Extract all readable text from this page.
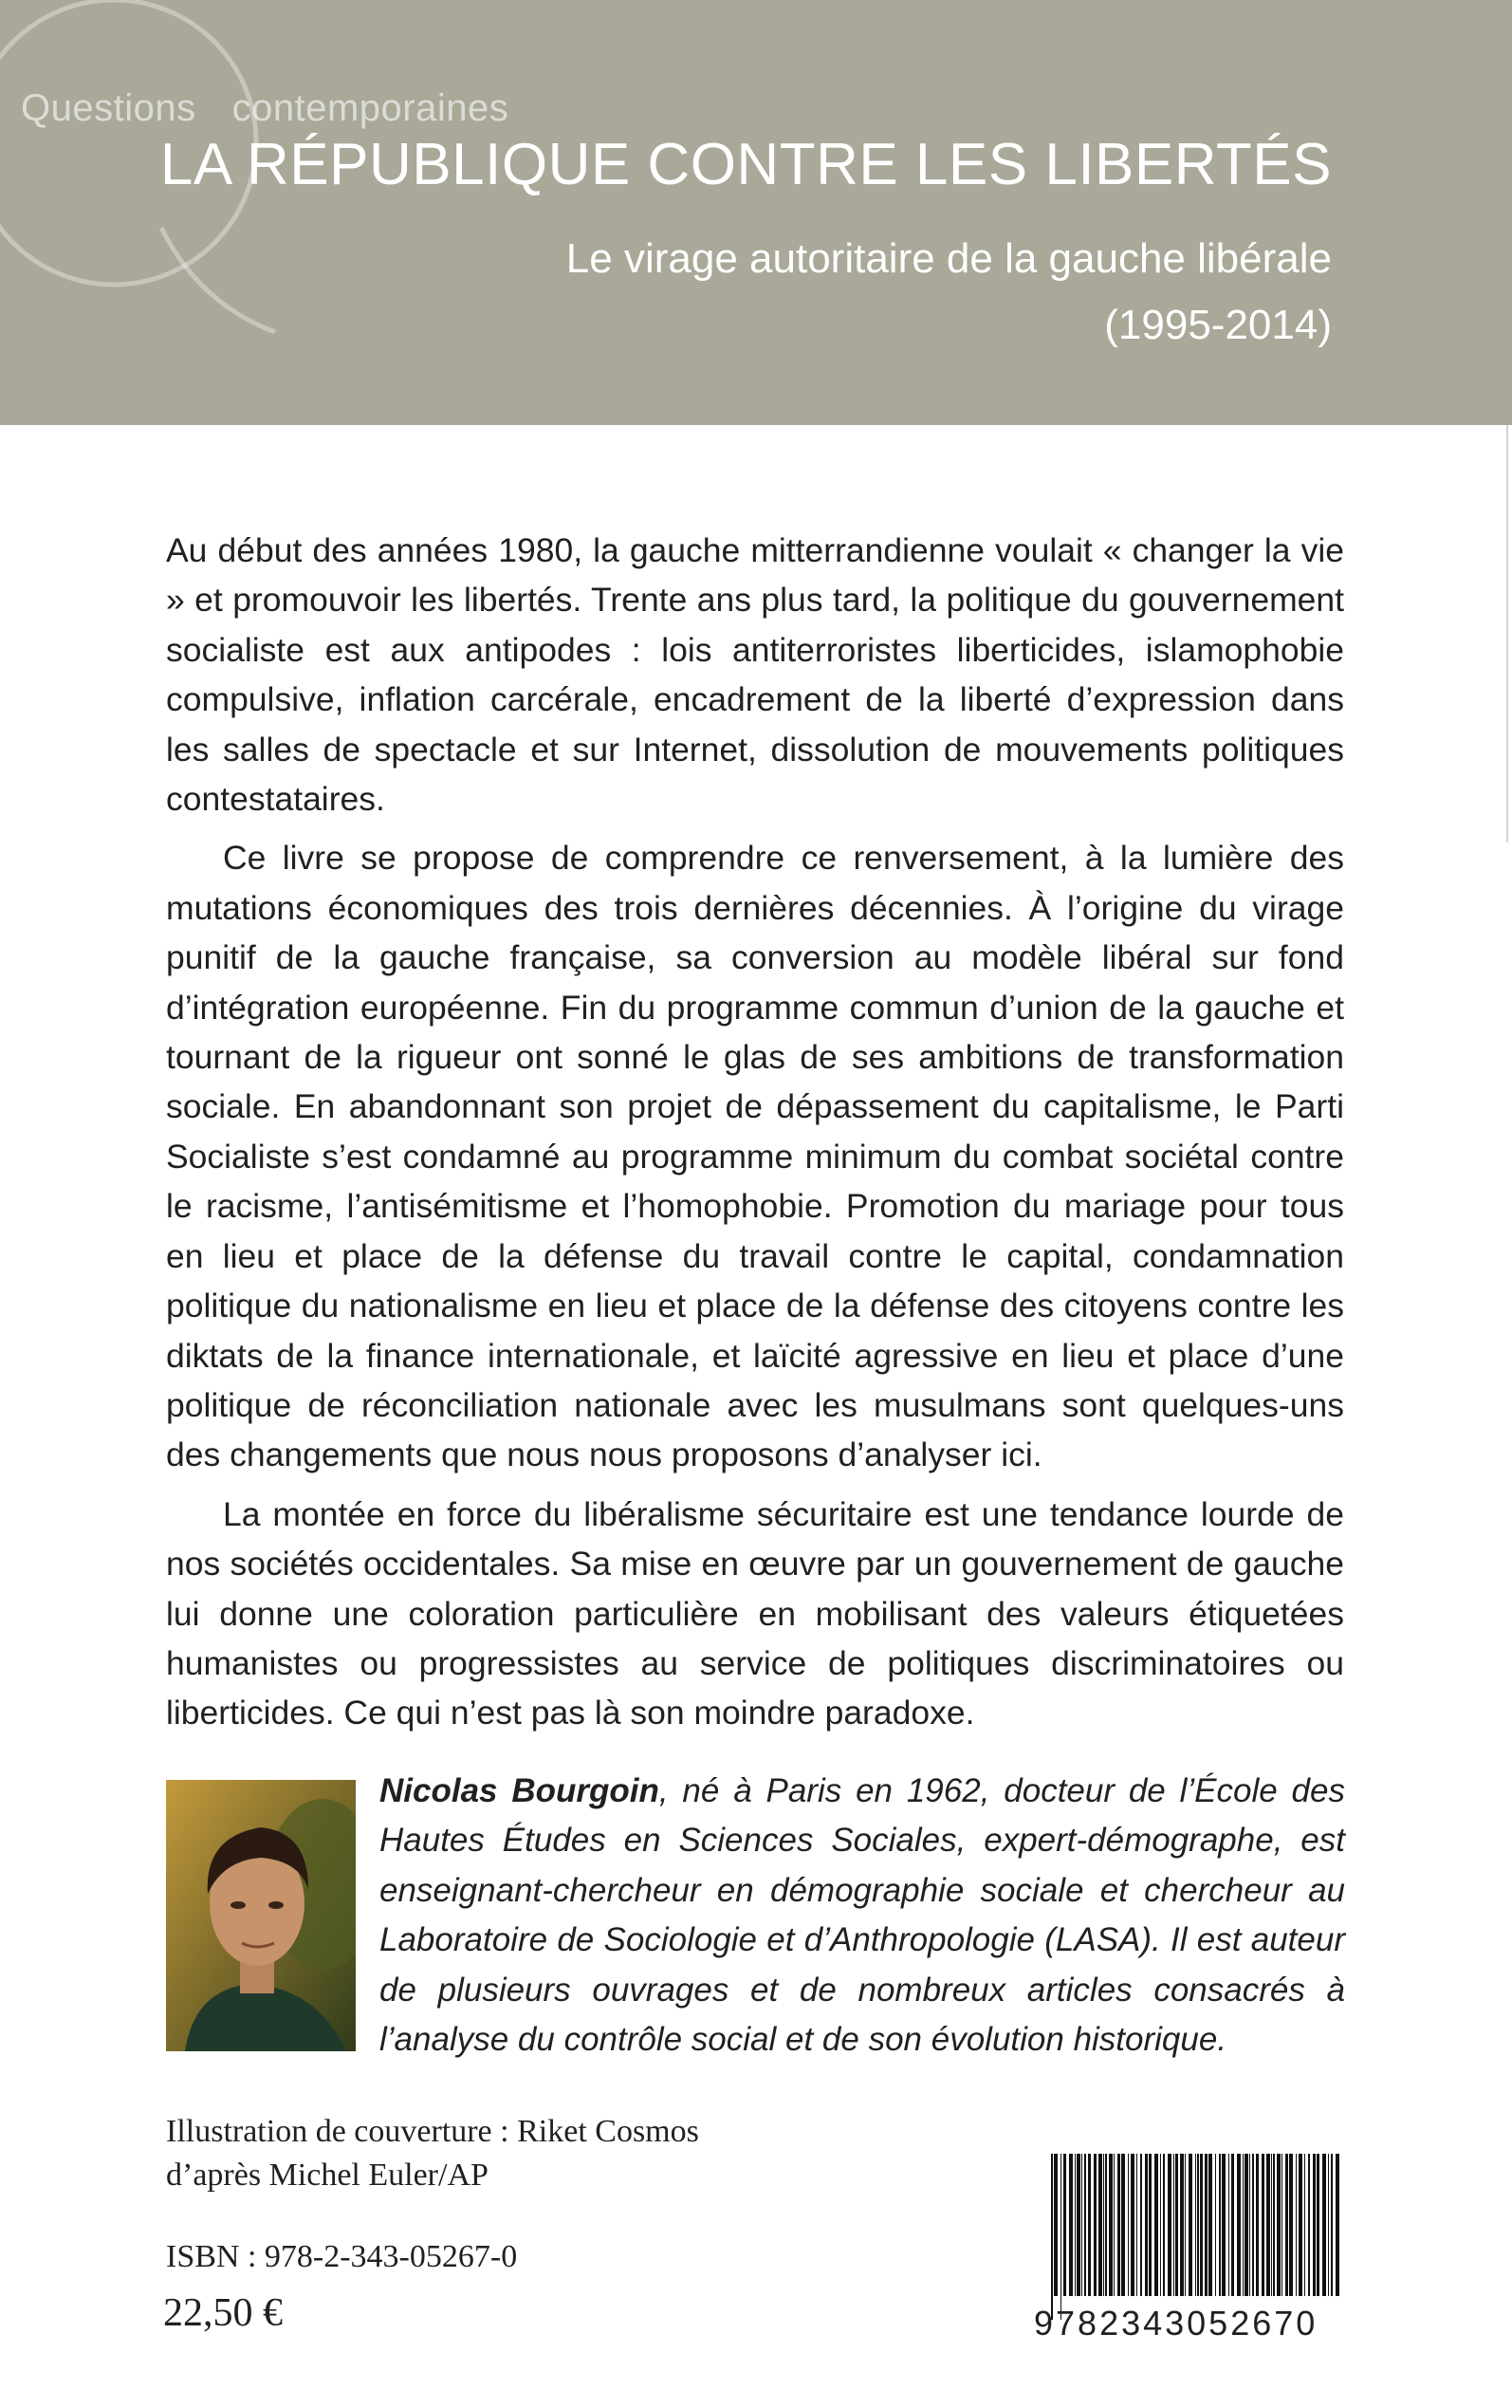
Questions contemporaines
LA RÉPUBLIQUE CONTRE LES LIBERTÉS
Le virage autoritaire de la gauche libérale
(1995-2014)

Au début des années 1980, la gauche mitterrandienne voulait « changer la vie » et promouvoir les libertés. Trente ans plus tard, la politique du gouvernement socialiste est aux antipodes : lois antiterroristes liberticides, islamophobie compulsive, inflation carcérale, encadrement de la liberté d’expression dans les salles de spectacle et sur Internet, dissolution de mouvements politiques contestataires.

Ce livre se propose de comprendre ce renversement, à la lumière des mutations économiques des trois dernières décennies. À l’origine du virage punitif de la gauche française, sa conversion au modèle libéral sur fond d’intégration européenne. Fin du programme commun d’union de la gauche et tournant de la rigueur ont sonné le glas de ses ambitions de transformation sociale. En abandonnant son projet de dépassement du capitalisme, le Parti Socialiste s’est condamné au programme minimum du combat sociétal contre le racisme, l’antisémitisme et l’homophobie. Promotion du mariage pour tous en lieu et place de la défense du travail contre le capital, condamnation politique du nationalisme en lieu et place de la défense des citoyens contre les diktats de la finance internationale, et laïcité agressive en lieu et place d’une politique de réconciliation nationale avec les musulmans sont quelques-uns des changements que nous nous proposons d’analyser ici.

La montée en force du libéralisme sécuritaire est une tendance lourde de nos sociétés occidentales. Sa mise en œuvre par un gouvernement de gauche lui donne une coloration particulière en mobilisant des valeurs étiquetées humanistes ou progressistes au service de politiques discriminatoires ou liberticides. Ce qui n’est pas là son moindre paradoxe.

Nicolas Bourgoin, né à Paris en 1962, docteur de l’École des Hautes Études en Sciences Sociales, expert-démographe, est enseignant-chercheur en démographie sociale et chercheur au Laboratoire de Sociologie et d’Anthropologie (LASA). Il est auteur de plusieurs ouvrages et de nombreux articles consacrés à l’analyse du contrôle social et de son évolution historique.
Illustration de couverture : Riket Cosmos
d’après Michel Euler/AP
ISBN : 978-2-343-05267-0
22,50 €	9782343052670
